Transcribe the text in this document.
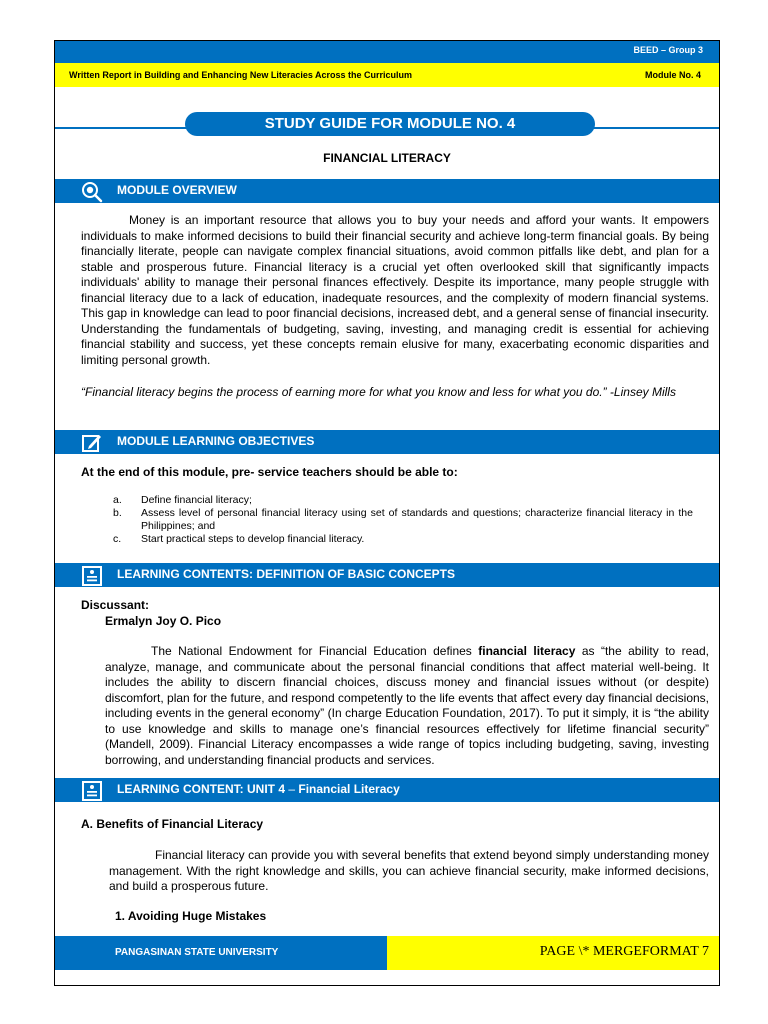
BEED – Group 3
Written Report in Building and Enhancing New Literacies Across the Curriculum	Module No. 4
STUDY GUIDE FOR MODULE NO. 4
FINANCIAL LITERACY
MODULE OVERVIEW
Money is an important resource that allows you to buy your needs and afford your wants. It empowers individuals to make informed decisions to build their financial security and achieve long-term financial goals. By being financially literate, people can navigate complex financial situations, avoid common pitfalls like debt, and plan for a stable and prosperous future. Financial literacy is a crucial yet often overlooked skill that significantly impacts individuals' ability to manage their personal finances effectively. Despite its importance, many people struggle with financial literacy due to a lack of education, inadequate resources, and the complexity of modern financial systems. This gap in knowledge can lead to poor financial decisions, increased debt, and a general sense of financial insecurity. Understanding the fundamentals of budgeting, saving, investing, and managing credit is essential for achieving financial stability and success, yet these concepts remain elusive for many, exacerbating economic disparities and limiting personal growth.
“Financial literacy begins the process of earning more for what you know and less for what you do.” -Linsey Mills
MODULE LEARNING OBJECTIVES
At the end of this module, pre- service teachers should be able to:
a. Define financial literacy;
b. Assess level of personal financial literacy using set of standards and questions; characterize financial literacy in the Philippines; and
c. Start practical steps to develop financial literacy.
LEARNING CONTENTS: DEFINITION OF BASIC CONCEPTS
Discussant:
Ermalyn Joy O. Pico
The National Endowment for Financial Education defines financial literacy as “the ability to read, analyze, manage, and communicate about the personal financial conditions that affect material well-being. It includes the ability to discern financial choices, discuss money and financial issues without (or despite) discomfort, plan for the future, and respond competently to the life events that affect every day financial decisions, including events in the general economy” (In charge Education Foundation, 2017). To put it simply, it is “the ability to use knowledge and skills to manage one’s financial resources effectively for lifetime financial security” (Mandell, 2009). Financial Literacy encompasses a wide range of topics including budgeting, saving, investing borrowing, and understanding financial products and services.
LEARNING CONTENT: UNIT 4 – Financial Literacy
A. Benefits of Financial Literacy
Financial literacy can provide you with several benefits that extend beyond simply understanding money management. With the right knowledge and skills, you can achieve financial security, make informed decisions, and build a prosperous future.
1. Avoiding Huge Mistakes
PANGASINAN STATE UNIVERSITY	PAGE \* MERGEFORMAT 7
